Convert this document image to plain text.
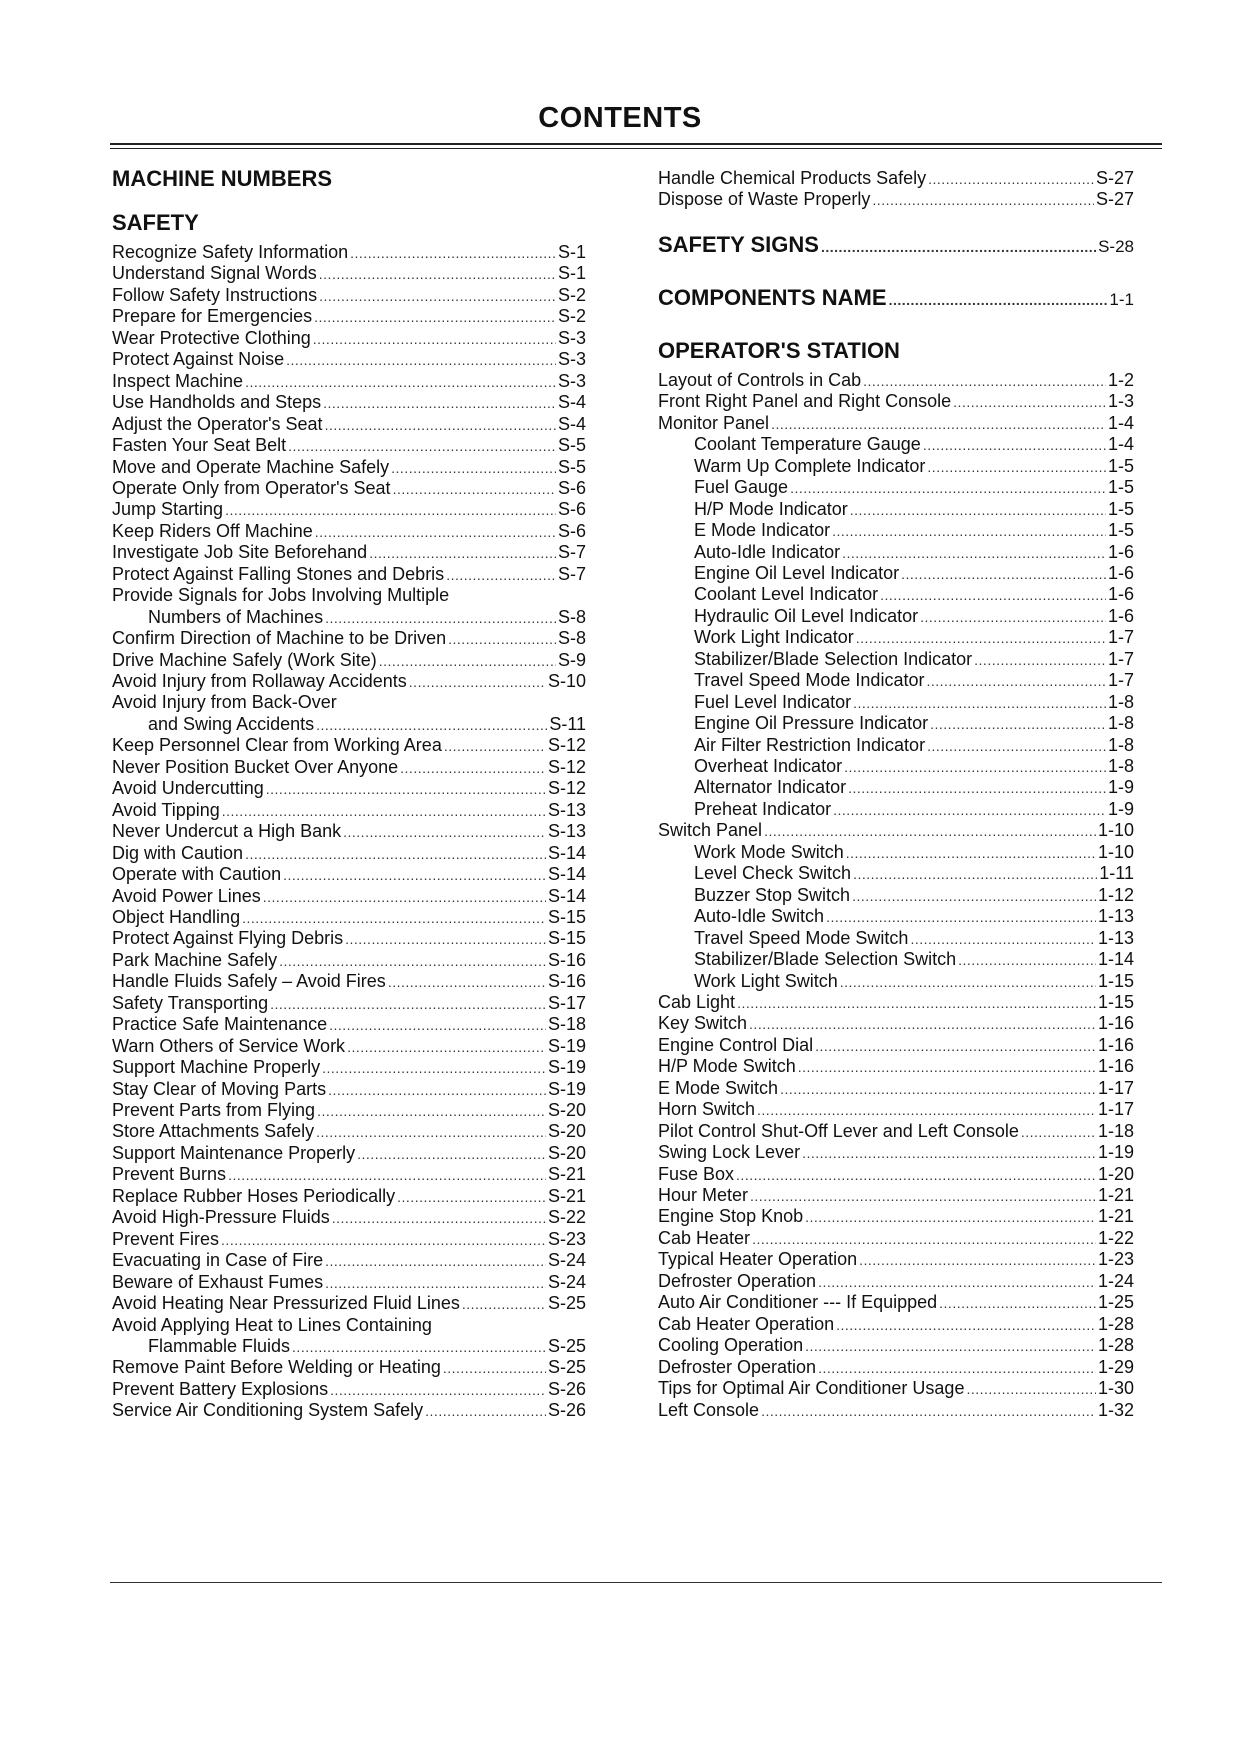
CONTENTS
MACHINE NUMBERS
SAFETY
Recognize Safety Information .....	S-1
Understand Signal Words .....	S-1
Follow Safety Instructions .....	S-2
Prepare for Emergencies .....	S-2
Wear Protective Clothing .....	S-3
Protect Against Noise .....	S-3
Inspect Machine .....	S-3
Use Handholds and Steps .....	S-4
Adjust the Operator's Seat .....	S-4
Fasten Your Seat Belt .....	S-5
Move and Operate Machine Safely .....	S-5
Operate Only from Operator's Seat .....	S-6
Jump Starting .....	S-6
Keep Riders Off Machine .....	S-6
Investigate Job Site Beforehand .....	S-7
Protect Against Falling Stones and Debris .....	S-7
Provide Signals for Jobs Involving Multiple
Numbers of Machines .....	S-8
Confirm Direction of Machine to be Driven .....	S-8
Drive Machine Safely (Work Site) .....	S-9
Avoid Injury from Rollaway Accidents .....	S-10
Avoid Injury from Back-Over
and Swing Accidents .....	S-11
Keep Personnel Clear from Working Area .....	S-12
Never Position Bucket Over Anyone .....	S-12
Avoid Undercutting .....	S-12
Avoid Tipping .....	S-13
Never Undercut a High Bank .....	S-13
Dig with Caution .....	S-14
Operate with Caution .....	S-14
Avoid Power Lines .....	S-14
Object Handling .....	S-15
Protect Against Flying Debris .....	S-15
Park Machine Safely .....	S-16
Handle Fluids Safely – Avoid Fires .....	S-16
Safety Transporting .....	S-17
Practice Safe Maintenance .....	S-18
Warn Others of Service Work .....	S-19
Support Machine Properly .....	S-19
Stay Clear of Moving Parts .....	S-19
Prevent Parts from Flying .....	S-20
Store Attachments Safely .....	S-20
Support Maintenance Properly .....	S-20
Prevent Burns .....	S-21
Replace Rubber Hoses Periodically .....	S-21
Avoid High-Pressure Fluids .....	S-22
Prevent Fires .....	S-23
Evacuating in Case of Fire .....	S-24
Beware of Exhaust Fumes .....	S-24
Avoid Heating Near Pressurized Fluid Lines .....	S-25
Avoid Applying Heat to Lines Containing
Flammable Fluids .....	S-25
Remove Paint Before Welding or Heating .....	S-25
Prevent Battery Explosions .....	S-26
Service Air Conditioning System Safely .....	S-26
Handle Chemical Products Safely .....	S-27
Dispose of Waste Properly .....	S-27
SAFETY SIGNS .....	S-28
COMPONENTS NAME .....	1-1
OPERATOR'S STATION
Layout of Controls in Cab .....	1-2
Front Right Panel and Right Console .....	1-3
Monitor Panel .....	1-4
Coolant Temperature Gauge .....	1-4
Warm Up Complete Indicator .....	1-5
Fuel Gauge .....	1-5
H/P Mode Indicator .....	1-5
E Mode Indicator .....	1-5
Auto-Idle Indicator .....	1-6
Engine Oil Level Indicator .....	1-6
Coolant Level Indicator .....	1-6
Hydraulic Oil Level Indicator .....	1-6
Work Light Indicator .....	1-7
Stabilizer/Blade Selection Indicator .....	1-7
Travel Speed Mode Indicator .....	1-7
Fuel Level Indicator .....	1-8
Engine Oil Pressure Indicator .....	1-8
Air Filter Restriction Indicator .....	1-8
Overheat Indicator .....	1-8
Alternator Indicator .....	1-9
Preheat Indicator .....	1-9
Switch Panel .....	1-10
Work Mode Switch .....	1-10
Level Check Switch .....	1-11
Buzzer Stop Switch .....	1-12
Auto-Idle Switch .....	1-13
Travel Speed Mode Switch .....	1-13
Stabilizer/Blade Selection Switch .....	1-14
Work Light Switch .....	1-15
Cab Light .....	1-15
Key Switch .....	1-16
Engine Control Dial .....	1-16
H/P Mode Switch .....	1-16
E Mode Switch .....	1-17
Horn Switch .....	1-17
Pilot Control Shut-Off Lever and Left Console .....	1-18
Swing Lock Lever .....	1-19
Fuse Box .....	1-20
Hour Meter .....	1-21
Engine Stop Knob .....	1-21
Cab Heater .....	1-22
Typical Heater Operation .....	1-23
Defroster Operation .....	1-24
Auto Air Conditioner --- If Equipped .....	1-25
Cab Heater Operation .....	1-28
Cooling Operation .....	1-28
Defroster Operation .....	1-29
Tips for Optimal Air Conditioner Usage .....	1-30
Left Console .....	1-32
